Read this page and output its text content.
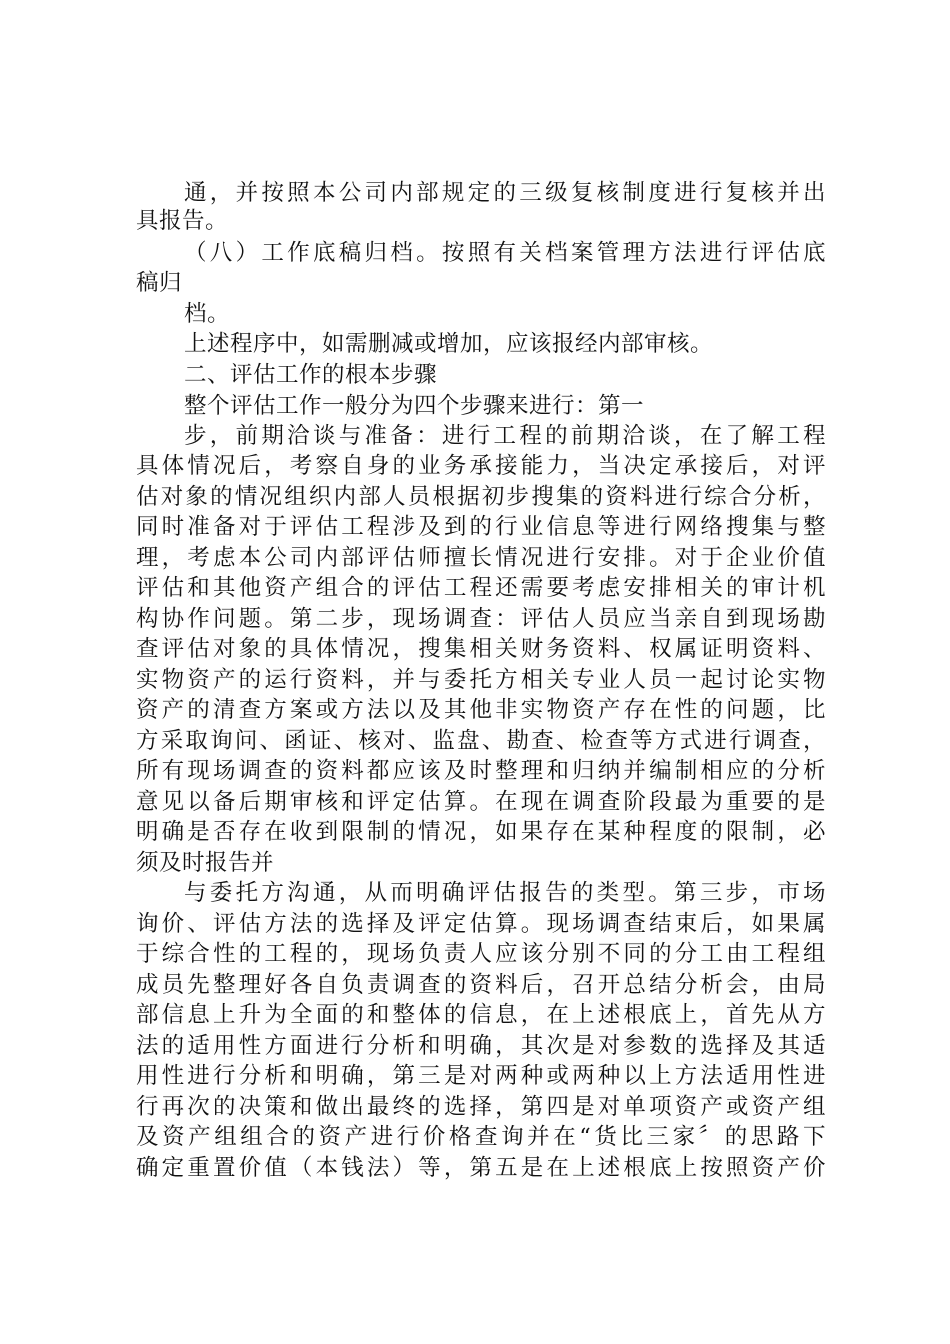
通，并按照本公司内部规定的三级复核制度进行复核并出
具报告。
（八）工作底稿归档。按照有关档案管理方法进行评估底
稿归
档。
上述程序中，如需删减或增加，应该报经内部审核。
二、评估工作的根本步骤
整个评估工作一般分为四个步骤来进行：第一
步，前期洽谈与准备：进行工程的前期洽谈，在了解工程
具体情况后，考察自身的业务承接能力，当决定承接后，对评
估对象的情况组织内部人员根据初步搜集的资料进行综合分析，
同时准备对于评估工程涉及到的行业信息等进行网络搜集与整
理，考虑本公司内部评估师擅长情况进行安排。对于企业价值
评估和其他资产组合的评估工程还需要考虑安排相关的审计机
构协作问题。第二步，现场调查：评估人员应当亲自到现场勘
查评估对象的具体情况，搜集相关财务资料、权属证明资料、
实物资产的运行资料，并与委托方相关专业人员一起讨论实物
资产的清查方案或方法以及其他非实物资产存在性的问题，比
方采取询问、函证、核对、监盘、勘查、检查等方式进行调查，
所有现场调查的资料都应该及时整理和归纳并编制相应的分析
意见以备后期审核和评定估算。在现在调查阶段最为重要的是
明确是否存在收到限制的情况，如果存在某种程度的限制，必
须及时报告并
与委托方沟通，从而明确评估报告的类型。第三步，市场
询价、评估方法的选择及评定估算。现场调查结束后，如果属
于综合性的工程的，现场负责人应该分别不同的分工由工程组
成员先整理好各自负责调查的资料后，召开总结分析会，由局
部信息上升为全面的和整体的信息，在上述根底上，首先从方
法的适用性方面进行分析和明确，其次是对参数的选择及其适
用性进行分析和明确，第三是对两种或两种以上方法适用性进
行再次的决策和做出最终的选择，第四是对单项资产或资产组
及资产组组合的资产进行价格查询并在“货比三家〞的思路下
确定重置价值（本钱法）等，第五是在上述根底上按照资产价
